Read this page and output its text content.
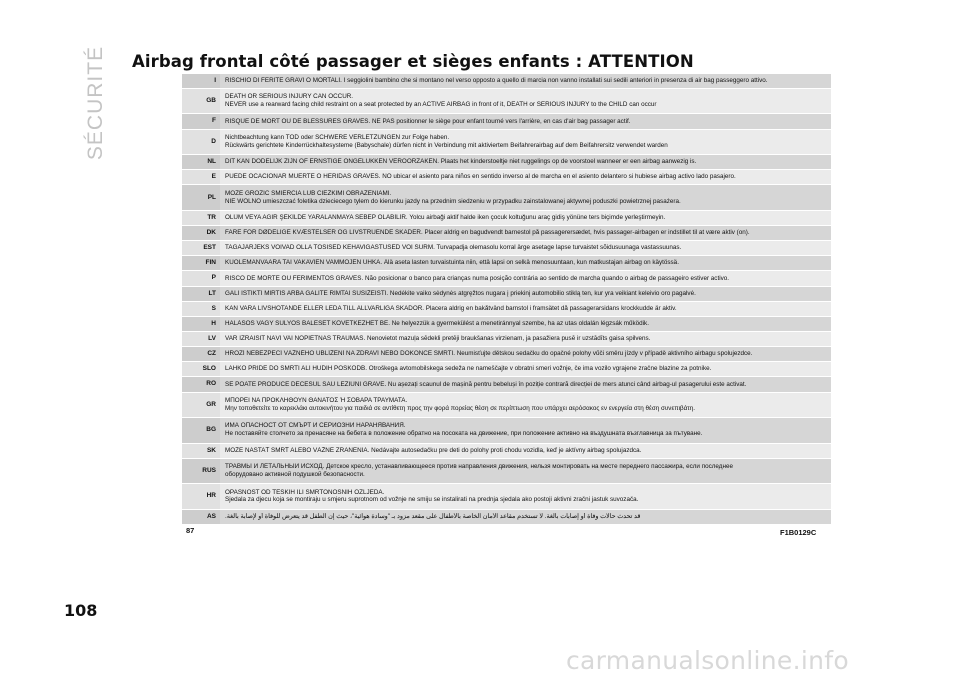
SÉCURITÉ Airbag frontal côté passager et sièges enfants : ATTENTION
I	RISCHIO DI FERITE GRAVI O MORTALI. I seggiolini bambino che si montano nel verso opposto a quello di marcia non vanno installati sui sedili anteriori in presenza di air bag passeggero attivo.

GB	DEATH OR SERIOUS INJURY CAN OCCUR.
NEVER use a rearward facing child restraint on a seat protected by an ACTIVE AIRBAG in front of it, DEATH or SERIOUS INJURY to the CHILD can occur

F	RISQUE DE MORT OU DE BLESSURES GRAVES. NE PAS positionner le siège pour enfant tourné vers l'arrière, en cas d'air bag passager actif.

D	Nichtbeachtung kann TOD oder SCHWERE VERLETZUNGEN zur Folge haben.
Rückwärts gerichtete Kinderrückhaltesysteme (Babyschale) dürfen nicht in Verbindung mit aktiviertem Beifahrerairbag auf dem Beifahrersitz verwendet warden

NL	DIT KAN DODELIJK ZIJN OF ERNSTIGE ONGELUKKEN VEROORZAKEN. Plaats het kinderstoeltje niet ruggelings op de voorstoel wanneer er een airbag aanwezig is.

E	PUEDE OCACIONAR MUERTE O HERIDAS GRAVES. NO ubicar el asiento para niños en sentido inverso al de marcha en el asiento delantero si hubiese airbag activo lado pasajero.

PL	MOŻE GROZIĆ ŚMIERCIA LUB CIEŻKIMI OBRAŻENIAMI.
NIE WOLNO umieszczać foletika dzieciecego tylem do kierunku jazdy na przednim siedzeniu w przypadku zainstalowanej aktywnej poduszki powietrznej pasażera.

TR	ÖLÜM VEYA AĞIR ŞEKİLDE YARALANMAYA SEBEP OLABİLİR. Yolcu airbaği aktif halde iken çocuk koltuğunu araç gidiş yönüne ters biçimde yerleştirmeyin.

DK	FARE FOR DØDELIGE KVÆSTELSER OG LIVSTRUENDE SKADER. Placer aldrig en bagudvendt barnestol på passagerersædet, hvis passager-airbagen er indstillet til at være aktiv (on).

EST	TAGAJÄRJEKS VÕIVAD OLLA TÕSISED KEHAVIGASTUSED VÕI SURM. Turvapadja olemasolu korral ärge asetage lapse turvaistet sõidusuunaga vastassuunas.

FIN	KUOLEMANVAARA TAI VAKAVIEN VAMMOJEN UHKA. Älä aseta lasten turvaistuinta niin, että lapsi on selkä menosuuntaan, kun matkustajan airbag on käytössä.

P	RISCO DE MORTE OU FERIMENTOS GRAVES. Não posicionar o banco para crianças numa posição contrária ao sentido de marcha quando o airbag de passageiro estiver activo.

LT	GALI IŠTIKTI MIRTIS ARBA GALITE RIMTAI SUSIŽEISTI. Nedėkite vaiko sėdynės atgręžtos nugara į priekinį automobilio stiklą ten, kur yra veikiant keleivio oro pagalvė.

S	KAN VARA LIVSHOTANDE ELLER LEDA TILL ALLVARLIGA SKADOR. Placera aldrig en bakåtvänd barnstol i framsätet då passagerarsidans krockkudde är aktiv.

H	HALÁSOS VAGY SÚLYOS BALESET KÖVETKEZHET BE. Ne helyezzük a gyermekülést a menetiránnyal szembe, ha az utas oldalán légzsák működik.

LV	VAR IZRAISĪT NĀVI VAI NOPIETNAS TRAUMAS. Nenovietot mazuļa sēdekli pretēji braukšanas virzienam, ja pasažiera pusē ir uzstādīts gaisa spilvens.

CZ	HROZÍ NEBEZPEČÍ VÁŽNÉHO UBLÍŽENÍ NA ZDRAVÍ NEBO DOKONCE SMRTI. Neumisťujte dětskou sedačku do opačné polohy vůči směru jízdy v případě aktivního airbagu spolujezdce.

SLO	LAHKO PRIDE DO SMRTI ALI HUDIH POŠKODB. Otroškega avtomobilskega sedeža ne nameščajte v obratni smeri vožnje, če ima vozilo vgrajene zračne blazine za potnike.

RO	SE POATE PRODUCE DECESUL SAU LEZIUNI GRAVE. Nu așezați scaunul de mașină pentru bebeluși în poziție contrară direcției de mers atunci când airbag-ul pasagerului este activat.

GR	ΜΠΟΡΕΙ ΝΑ ΠΡΟΚΛΗΘΟΥΝ ΘΑΝΑΤΟΣ Ή ΣΟΒΑΡΑ ΤΡΑΥΜΑΤΑ.
Μην τοποθετείτε το καρεκλάκι αυτοκινήτου για παιδιά σε αντίθετη προς την φορά πορείας θέση σε περίπτωση που υπάρχει αερόσακος εν ενεργεία στη θέση συνεπιβάτη.

BG	ИМА ОПАСНОСТ ОТ СМЪРТ И СЕРИОЗНИ НАРАНЯВАНИЯ.
Не поставяйте столчето за пренасяне на бебета в положение обратно на посоката на движение, при положение активно на въздушната възглавница за пътуване.

SK	MÔŽE NASTAŤ SMRŤ ALEBO VÁŽNE ZRANENIA. Nedávajte autosedačku pre deti do polohy proti chodu vozidla, keď je aktívny airbag spolujazdca.

RUS	ТРАВМЫ И ЛЕТАЛЬНЫЙ ИСХОД. Детское кресло, устанавливающееся против направления движения, нельзя монтировать на месте переднего пассажира, если последнее
оборудовано активной подушкой безопасности.

HR	OPASNOST OD TEŠKIH ILI SMRTONOSNIH OZLJEDA.
Sjedala za djecu koja se montiraju u smjeru suprotnom od vožnje ne smiju se instalirati na prednja sjedala ako postoji aktivni zračni jastuk suvozača.

AS	قد تحدث حالات وفاة أو إصابات بالغة. لا تستخدم مقاعد الأمان الخاصة بالأطفال على مقعد مزود بـ "وسادة هوائية"، حيث إن الطفل قد يتعرض للوفاة أو لإصابة بالغة.
87	F1B0129C
108
carmanualsonline.info
